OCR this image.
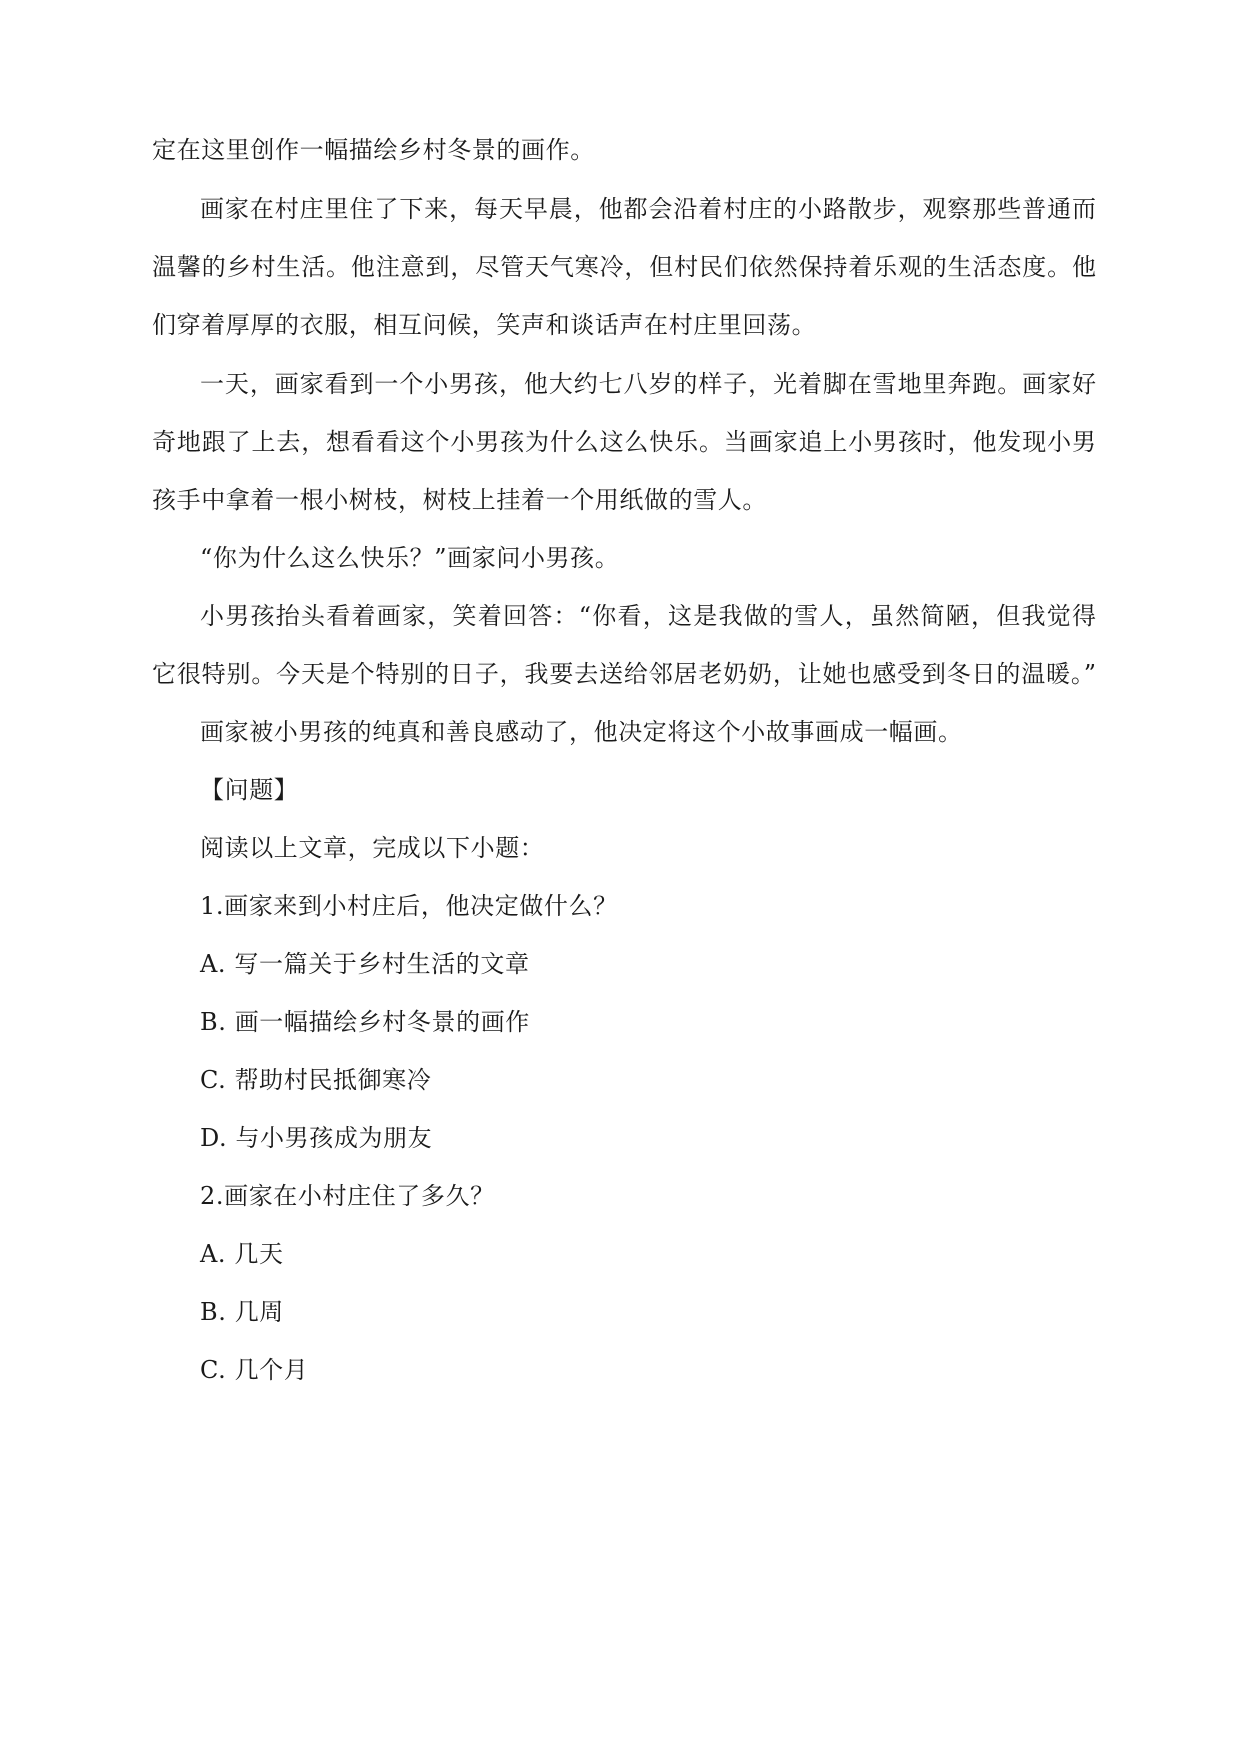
定在这里创作一幅描绘乡村冬景的画作。

画家在村庄里住了下来，每天早晨，他都会沿着村庄的小路散步，观察那些普通而

温馨的乡村生活。他注意到，尽管天气寒冷，但村民们依然保持着乐观的生活态度。他

们穿着厚厚的衣服，相互问候，笑声和谈话声在村庄里回荡。

一天，画家看到一个小男孩，他大约七八岁的样子，光着脚在雪地里奔跑。画家好

奇地跟了上去，想看看这个小男孩为什么这么快乐。当画家追上小男孩时，他发现小男

孩手中拿着一根小树枝，树枝上挂着一个用纸做的雪人。

“你为什么这么快乐？”画家问小男孩。

小男孩抬头看着画家，笑着回答：“你看，这是我做的雪人，虽然简陋，但我觉得

它很特别。今天是个特别的日子，我要去送给邻居老奶奶，让她也感受到冬日的温暖。”

画家被小男孩的纯真和善良感动了，他决定将这个小故事画成一幅画。

【问题】

阅读以上文章，完成以下小题：

1.画家来到小村庄后，他决定做什么？

A. 写一篇关于乡村生活的文章

B. 画一幅描绘乡村冬景的画作

C. 帮助村民抵御寒冷

D. 与小男孩成为朋友

2.画家在小村庄住了多久？

A. 几天

B. 几周

C. 几个月
